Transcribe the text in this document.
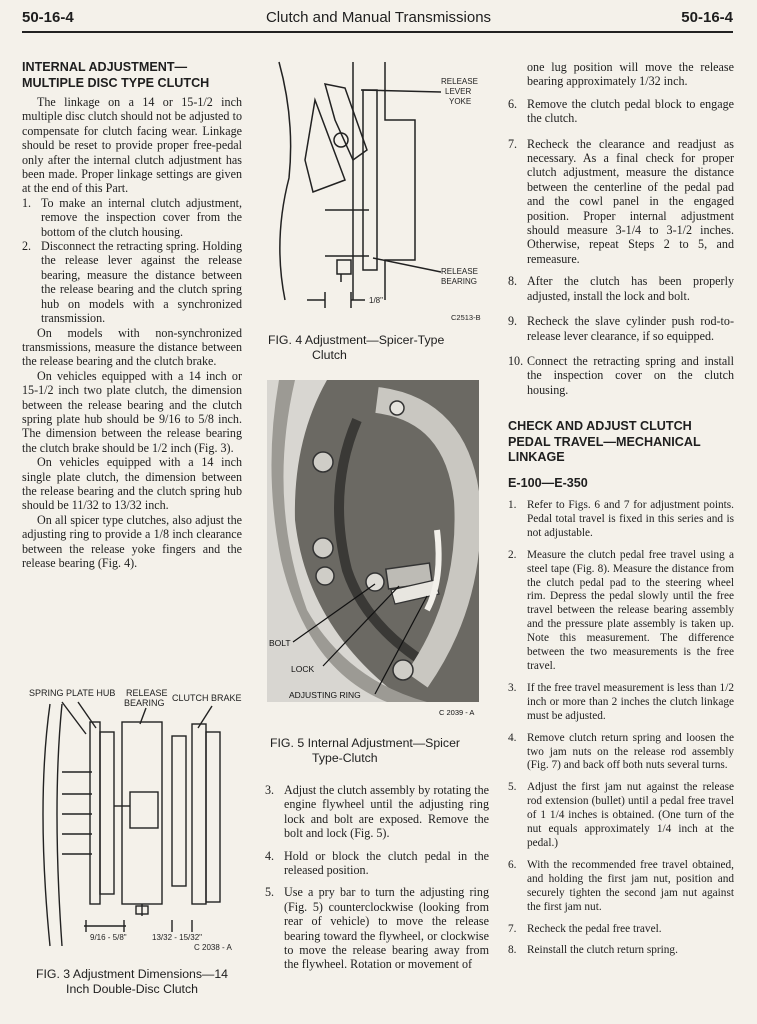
50-16-4	Clutch and Manual Transmissions	50-16-4
INTERNAL ADJUSTMENT—
MULTIPLE DISC TYPE CLUTCH

The linkage on a 14 or 15-1/2 inch multiple disc clutch should not be adjusted to compensate for clutch facing wear. Linkage should be reset to provide proper free-pedal only after the internal clutch adjustment has been made. Proper linkage settings are given at the end of this Part.

1. To make an internal clutch adjustment, remove the inspection cover from the bottom of the clutch housing.
2. Disconnect the retracting spring. Holding the release lever against the release bearing, measure the distance between the release bearing and the clutch spring hub on models with a synchronized transmission.

On models with non-synchronized transmissions, measure the distance between the release bearing and the clutch brake.

On vehicles equipped with a 14 inch or 15-1/2 inch two plate clutch, the dimension between the release bearing and the clutch spring plate hub should be 9/16 to 5/8 inch. The dimension between the release bearing the clutch brake should be 1/2 inch (Fig. 3).

On vehicles equipped with a 14 inch single plate clutch, the dimension between the release bearing and the clutch spring hub should be 11/32 to 13/32 inch.

On all spicer type clutches, also adjust the adjusting ring to provide a 1/8 inch clearance between the release yoke fingers and the release bearing (Fig. 4).

SPRING PLATE HUB RELEASE
BEARING CLUTCH BRAKE
9/16 - 5/8"	13/32 - 15/32"
C 2038 - A
FIG. 3 Adjustment Dimensions—14
Inch Double-Disc Clutch
RELEASE
LEVER
YOKE
RELEASE
BEARING
1/8"
C2513-B
FIG. 4 Adjustment—Spicer-Type
Clutch
BOLT
LOCK
ADJUSTING RING
C 2039 - A
FIG. 5 Internal Adjustment—Spicer
Type-Clutch
3. Adjust the clutch assembly by rotating the engine flywheel until the adjusting ring lock and bolt are exposed. Remove the bolt and lock (Fig. 5).
4. Hold or block the clutch pedal in the released position.
5. Use a pry bar to turn the adjusting ring (Fig. 5) counterclockwise (looking from rear of vehicle) to move the release bearing toward the flywheel, or clockwise to move the release bearing away from the flywheel. Rotation or movement of

one lug position will move the release bearing approximately 1/32 inch.

6. Remove the clutch pedal block to engage the clutch.
7. Recheck the clearance and readjust as necessary. As a final check for proper clutch adjustment, measure the distance between the centerline of the pedal pad and the cowl panel in the engaged position. Proper internal adjustment should measure 3-1/4 to 3-1/2 inches. Otherwise, repeat Steps 2 to 5, and remeasure.
8. After the clutch has been properly adjusted, install the lock and bolt.
9. Recheck the slave cylinder push rod-to-release lever clearance, if so equipped.
10. Connect the retracting spring and install the inspection cover on the clutch housing.
CHECK AND ADJUST CLUTCH
PEDAL TRAVEL—MECHANICAL
LINKAGE
E-100—E-350
1. Refer to Figs. 6 and 7 for adjustment points. Pedal total travel is fixed in this series and is not adjustable.
2. Measure the clutch pedal free travel using a steel tape (Fig. 8). Measure the distance from the clutch pedal pad to the steering wheel rim. Depress the pedal slowly until the free travel between the release bearing assembly and the pressure plate assembly is taken up. Note this measurement. The difference between the two measurements is the free travel.
3. If the free travel measurement is less than 1/2 inch or more than 2 inches the clutch linkage must be adjusted.
4. Remove clutch return spring and loosen the two jam nuts on the release rod assembly (Fig. 7) and back off both nuts several turns.
5. Adjust the first jam nut against the release rod extension (bullet) until a pedal free travel of 1 1/4 inches is obtained. (One turn of the nut equals approximately 1/4 inch at the pedal.)
6. With the recommended free travel obtained, and holding the first jam nut, position and securely tighten the second jam nut against the first jam nut.
7. Recheck the pedal free travel.
8. Reinstall the clutch return spring.
